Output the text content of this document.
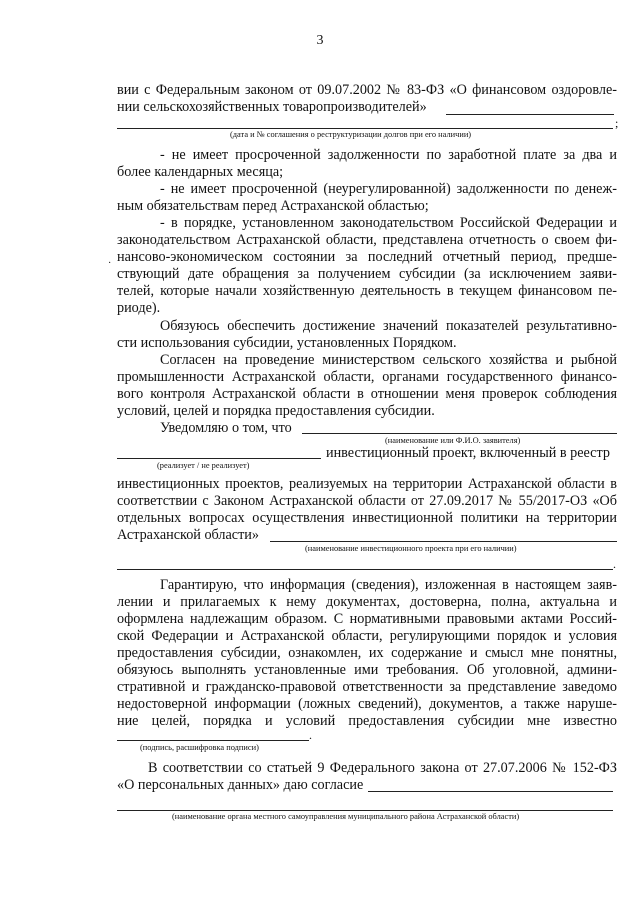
3
вии с Федеральным законом от 09.07.2002 № 83-ФЗ «О финансовом оздоровле-
нии сельскохозяйственных товаропроизводителей»
;
(дата и № соглашения о реструктуризации долгов при его наличии)
- не имеет просроченной задолженности по заработной плате за два и
более календарных месяца;
- не имеет просроченной (неурегулированной) задолженности по денеж-
ным обязательствам перед Астраханской областью;
- в порядке, установленном законодательством Российской Федерации и
законодательством Астраханской области, представлена отчетность о своем фи-
нансово-экономическом состоянии за последний отчетный период, предше-
ствующий дате обращения за получением субсидии (за исключением заяви-
телей, которые начали хозяйственную деятельность в текущем финансовом пе-
риоде).
·
Обязуюсь обеспечить достижение значений показателей результативно-
сти использования субсидии, установленных Порядком.
Согласен на проведение министерством сельского хозяйства и рыбной
промышленности Астраханской области, органами государственного финансо-
вого контроля Астраханской области в отношении меня проверок соблюдения
условий, целей и порядка предоставления субсидии.
Уведомляю о том, что
(наименование или Ф.И.О. заявителя)
инвестиционный проект, включенный в реестр
(реализует / не реализует)
инвестиционных проектов, реализуемых на территории Астраханской области в
соответствии с Законом Астраханской области от 27.09.2017 № 55/2017-ОЗ «Об
отдельных вопросах осуществления инвестиционной политики на территории
Астраханской области»
(наименование инвестиционного проекта при его наличии)
.
Гарантирую, что информация (сведения), изложенная в настоящем заяв-
лении и прилагаемых к нему документах, достоверна, полна, актуальна и
оформлена надлежащим образом. С нормативными правовыми актами Россий-
ской Федерации и Астраханской области, регулирующими порядок и условия
предоставления субсидии, ознакомлен, их содержание и смысл мне понятны,
обязуюсь выполнять установленные ими требования. Об уголовной, админи-
стративной и гражданско-правовой ответственности за представление заведомо
недостоверной информации (ложных сведений), документов, а также наруше-
ние целей, порядка и условий предоставления субсидии мне известно
.
(подпись, расшифровка подписи)
В соответствии со статьей 9 Федерального закона от 27.07.2006 № 152-ФЗ
«О персональных данных» даю согласие
(наименование органа местного самоуправления муниципального района Астраханской области)
